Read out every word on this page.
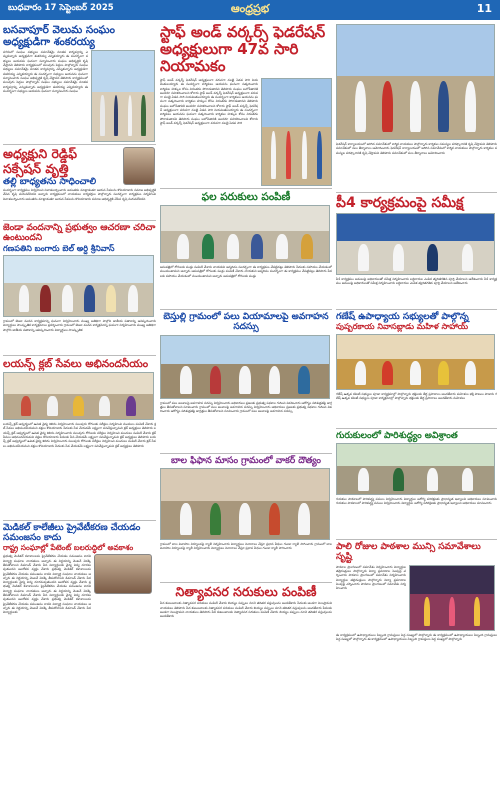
బుధవారం 17 సెప్టెంబర్ 2025	ఆంధ్రప్రభ	11
బసవాపూర్ వెలుమ సంఘం అధ్యక్షుడిగా శంకరయ్య
నగరంలో సంఘం సభ్యులు సమావేశమై నూతన కార్యవర్గాన్ని ఎన్నుకున్నారు అధ్యక్షుడిగా శంకరయ్య ఎన్నికయ్యారు ఈ సందర్భంగా సభ్యులు ఆయనను ఘనంగా సన్మానించారు సంఘం అభివృద్ధికి కృషి చేస్తానని తెలిపారు కార్యక్రమంలో పలువురు పెద్దలు పాల్గొన్నారు సంఘం సభ్యులు సమావేశమై నూతన కార్యవర్గాన్ని ఎన్నుకున్నారు అధ్యక్షుడిగా శంకరయ్య ఎన్నికయ్యారు ఈ సందర్భంగా సభ్యులు ఆయనను ఘనంగా సన్మానించారు సంఘం అభివృద్ధికి కృషి చేస్తానని తెలిపారు కార్యక్రమంలో పలువురు పెద్దలు పాల్గొన్నారు సంఘం సభ్యులు సమావేశమై నూతన కార్యవర్గాన్ని ఎన్నుకున్నారు అధ్యక్షుడిగా శంకరయ్య ఎన్నికయ్యారు ఈ సందర్భంగా సభ్యులు ఆయనను ఘనంగా సన్మానించారు సంఘం
అధ్యక్షుని రెడ్డిఫ్ సక్సేషన్ వృత్తి
తల్లి బాధ్యతను సాధించాలి
సందర్భంగా కార్యక్రమం నిర్వహించి నివాళులర్పించారు అనంతరం మాట్లాడుతూ ఆయన సేవలను కొనియాడారు సమాజ అభివృద్ధికి చేసిన కృషి మరువలేనిదని అన్నారు కార్యక్రమంలో నాయకులు కార్యకర్తలు పాల్గొన్నారు సందర్భంగా కార్యక్రమం నిర్వహించి నివాళులర్పించారు అనంతరం మాట్లాడుతూ ఆయన సేవలను కొనియాడారు సమాజ అభివృద్ధికి చేసిన కృషి మరువలేనిదని
జెండా వందనాన్ని ప్రభుత్వం ఆచరణా చరిచా ఉంటుందని
గణపతిని బంగారు బెల్ అర్ది శ్రీనివాస్
గ్రామంలో జెండా వందన కార్యక్రమాన్ని ఘనంగా నిర్వహించారు ముఖ్య అతిథిగా పాల్గొని జాతీయ పతాకాన్ని ఆవిష్కరించారు విద్యార్థులు సాంస్కృతిక కార్యక్రమాలు ప్రదర్శించారు గ్రామంలో జెండా వందన కార్యక్రమాన్ని ఘనంగా నిర్వహించారు ముఖ్య అతిథిగా పాల్గొని జాతీయ పతాకాన్ని ఆవిష్కరించారు విద్యార్థులు సాంస్కృతిక
లయన్స్ క్లబ్ సేవలు అభినందనీయం
లయన్స్ క్లబ్ ఆధ్వర్యంలో ఉచిత వైద్య శిబిరం నిర్వహించారు పలువురు రోగులకు పరీక్షలు నిర్వహించి మందులు పంపిణీ చేశారు క్లబ్ సేవలు అభినందనీయమని వక్తలు కొనియాడారు పేదలకు సేవ చేయడమే లక్ష్యంగా పనిచేస్తున్నామని క్లబ్ అధ్యక్షులు తెలిపారు లయన్స్ క్లబ్ ఆధ్వర్యంలో ఉచిత వైద్య శిబిరం నిర్వహించారు పలువురు రోగులకు పరీక్షలు నిర్వహించి మందులు పంపిణీ చేశారు క్లబ్ సేవలు అభినందనీయమని వక్తలు కొనియాడారు పేదలకు సేవ చేయడమే లక్ష్యంగా పనిచేస్తున్నామని క్లబ్ అధ్యక్షులు తెలిపారు లయన్స్ క్లబ్ ఆధ్వర్యంలో ఉచిత వైద్య శిబిరం నిర్వహించారు పలువురు రోగులకు పరీక్షలు నిర్వహించి మందులు పంపిణీ చేశారు క్లబ్ సేవలు అభినందనీయమని వక్తలు కొనియాడారు పేదలకు సేవ చేయడమే లక్ష్యంగా పనిచేస్తున్నామని క్లబ్ అధ్యక్షులు తెలిపారు
మెడికల్ కాలేజీలు ప్రైవేటీకరణ చేయడం సమంజసం కాదు
రాష్ట్ర సంఘాల్లో పేటెంట్ బలరుద్ధిలో అవకాశం
ప్రభుత్వ మెడికల్ కళాశాలలను ప్రైవేటీకరణ చేయడం సమంజసం కాదని విద్యార్థి సంఘాల నాయకులు అన్నారు ఈ నిర్ణయాన్ని వెంటనే వెనక్కి తీసుకోవాలని డిమాండ్ చేశారు పేద విద్యార్థులకు వైద్య విద్య దూరమవుతుందని ఆందోళన వ్యక్తం చేశారు ప్రభుత్వ మెడికల్ కళాశాలలను ప్రైవేటీకరణ చేయడం సమంజసం కాదని విద్యార్థి సంఘాల నాయకులు అన్నారు ఈ నిర్ణయాన్ని వెంటనే వెనక్కి తీసుకోవాలని డిమాండ్ చేశారు పేద విద్యార్థులకు వైద్య విద్య దూరమవుతుందని ఆందోళన వ్యక్తం చేశారు ప్రభుత్వ మెడికల్ కళాశాలలను ప్రైవేటీకరణ చేయడం సమంజసం కాదని విద్యార్థి సంఘాల నాయకులు అన్నారు ఈ నిర్ణయాన్ని వెంటనే వెనక్కి తీసుకోవాలని డిమాండ్ చేశారు పేద విద్యార్థులకు వైద్య విద్య దూరమవుతుందని ఆందోళన వ్యక్తం చేశారు ప్రభుత్వ మెడికల్ కళాశాలలను ప్రైవేటీకరణ చేయడం సమంజసం కాదని విద్యార్థి సంఘాల నాయకులు అన్నారు ఈ నిర్ణయాన్ని వెంటనే వెనక్కి తీసుకోవాలని డిమాండ్ చేశారు పేద విద్యార్థులకు
స్టాఫ్ అండ్ వర్కర్స్ ఫెడరేషన్ అధ్యక్షులుగా 47వ సారి నియామకం
స్టాఫ్ అండ్ వర్కర్స్ ఫెడరేషన్ అధ్యక్షులుగా వరుసగా నలభై ఏడవ సారి నియమితులయ్యారు ఈ సందర్భంగా కార్మికులు ఆయనను ఘనంగా సత్కరించారు కార్మికుల హక్కుల కోసం నిరంతరం పోరాడుతానని తెలిపారు సంఘం బలోపేతానికి అందరూ సహకరించాలని కోరారు స్టాఫ్ అండ్ వర్కర్స్ ఫెడరేషన్ అధ్యక్షులుగా వరుసగా నలభై ఏడవ సారి నియమితులయ్యారు ఈ సందర్భంగా కార్మికులు ఆయనను ఘనంగా సత్కరించారు కార్మికుల హక్కుల కోసం నిరంతరం పోరాడుతానని తెలిపారు సంఘం బలోపేతానికి అందరూ సహకరించాలని కోరారు స్టాఫ్ అండ్ వర్కర్స్ ఫెడరేషన్ అధ్యక్షులుగా వరుసగా నలభై ఏడవ సారి నియమితులయ్యారు ఈ సందర్భంగా కార్మికులు ఆయనను ఘనంగా సత్కరించారు కార్మికుల హక్కుల కోసం నిరంతరం పోరాడుతానని తెలిపారు సంఘం బలోపేతానికి అందరూ సహకరించాలని కోరారు స్టాఫ్ అండ్ వర్కర్స్ ఫెడరేషన్ అధ్యక్షులుగా వరుసగా నలభై ఏడవ సారి
ఫల పరుకులు పంపిణీ
ఆసుపత్రిలో రోగులకు పండ్లు పంపిణీ చేశారు నాయకుని జన్మదినం సందర్భంగా ఈ కార్యక్రమం చేపట్టినట్లు తెలిపారు పేదలకు సహాయం చేయడంలో ముందుంటామని అన్నారు ఆసుపత్రిలో రోగులకు పండ్లు పంపిణీ చేశారు నాయకుని జన్మదినం సందర్భంగా ఈ కార్యక్రమం చేపట్టినట్లు తెలిపారు పేదలకు సహాయం చేయడంలో ముందుంటామని అన్నారు ఆసుపత్రిలో రోగులకు పండ్లు
బెస్తుల్లి గ్రామంలో పలు వియామాలపై అవగాహన సదస్సు
గ్రామంలో పలు అంశాలపై అవగాహన సదస్సు నిర్వహించారు అధికారులు ప్రజలకు ప్రభుత్వ పథకాల గురించి వివరించారు ఆరోగ్యం పరిశుభ్రతపై జాగ్రత్తలు తీసుకోవాలని సూచించారు గ్రామంలో పలు అంశాలపై అవగాహన సదస్సు నిర్వహించారు అధికారులు ప్రజలకు ప్రభుత్వ పథకాల గురించి వివరించారు ఆరోగ్యం పరిశుభ్రతపై జాగ్రత్తలు తీసుకోవాలని సూచించారు గ్రామంలో పలు అంశాలపై అవగాహన సదస్సు
బాల ఫిఫాన మాసం గ్రామంలో వాకర్ దౌత్యం
గ్రామంలో బాల వివాహాల నిర్మూలనపై ర్యాలీ నిర్వహించారు విద్యార్థులు నినాదాలు చేస్తూ ప్రధాన వీధుల గుండా ర్యాలీ సాగించారు గ్రామంలో బాల వివాహాల నిర్మూలనపై ర్యాలీ నిర్వహించారు విద్యార్థులు నినాదాలు చేస్తూ ప్రధాన వీధుల గుండా ర్యాలీ సాగించారు
నిత్యావసర సరుకులు పంపిణీ
పేద కుటుంబాలకు నిత్యావసర సరుకులు పంపిణీ చేశారు బియ్యం పప్పులు నూనె తదితర వస్తువులను అందజేశారు పేదలకు అండగా నిలుస్తామని నాయకులు తెలిపారు పేద కుటుంబాలకు నిత్యావసర సరుకులు పంపిణీ చేశారు బియ్యం పప్పులు నూనె తదితర వస్తువులను అందజేశారు పేదలకు అండగా నిలుస్తామని నాయకులు తెలిపారు పేద కుటుంబాలకు నిత్యావసర సరుకులు పంపిణీ చేశారు బియ్యం పప్పులు నూనె తదితర వస్తువులను అందజేశారు
ఫెడరేషన్ కార్యాలయంలో జరిగిన సమావేశంలో కార్మిక నాయకులు పాల్గొన్నారు కార్మికుల సమస్యల పరిష్కారానికి కృషి చేస్తామని తెలిపారు సమావేశంలో పలు తీర్మానాలు ఆమోదించారు ఫెడరేషన్ కార్యాలయంలో జరిగిన సమావేశంలో కార్మిక నాయకులు పాల్గొన్నారు కార్మికుల సమస్యల పరిష్కారానికి కృషి చేస్తామని తెలిపారు సమావేశంలో పలు తీర్మానాలు ఆమోదించారు
పీ4 కార్యక్రమంపై సమీక్ష
పీ4 కార్యక్రమం అమలుపై అధికారులతో సమీక్ష నిర్వహించారు లబ్ధిదారుల ఎంపిక త్వరితగతిన పూర్తి చేయాలని ఆదేశించారు పీ4 కార్యక్రమం అమలుపై అధికారులతో సమీక్ష నిర్వహించారు లబ్ధిదారుల ఎంపిక త్వరితగతిన పూర్తి చేయాలని ఆదేశించారు
గణేష్ ఉపాధ్యాయ సభ్యులతో పాల్గొన్న
పుష్పరకాయ నివాసబ్లాడు మహిళ సాహాయ్
గణేష్ ఉత్సవ కమిటీ సభ్యులు పూజా కార్యక్రమాల్లో పాల్గొన్నారు భక్తులకు తీర్థ ప్రసాదాలు అందజేశారు మహిళలు భక్తి పాటలు పాడారు గణేష్ ఉత్సవ కమిటీ సభ్యులు పూజా కార్యక్రమాల్లో పాల్గొన్నారు భక్తులకు తీర్థ ప్రసాదాలు అందజేశారు మహిళలు
గురుకులంలో పారిశుద్ధ్యం అవిశ్రాంత
గురుకుల పాఠశాలలో పారిశుద్ధ్య పనులు నిర్వహించారు విద్యార్థుల ఆరోగ్య పరిరక్షణకు ప్రాధాన్యత ఇవ్వాలని అధికారులు సూచించారు గురుకుల పాఠశాలలో పారిశుద్ధ్య పనులు నిర్వహించారు విద్యార్థుల ఆరోగ్య పరిరక్షణకు ప్రాధాన్యత ఇవ్వాలని అధికారులు సూచించారు
పాలి రోజుల పాఠశాల మున్సి సమావేశాలు సృష్టి
పాఠశాల ప్రాంగణంలో సమావేశం నిర్వహించారు విద్యార్థుల తల్లిదండ్రులు పాల్గొన్నారు విద్యా ప్రమాణాల పెంపుపై చర్చించారు పాఠశాల ప్రాంగణంలో సమావేశం నిర్వహించారు విద్యార్థుల తల్లిదండ్రులు పాల్గొన్నారు విద్యా ప్రమాణాల పెంపుపై చర్చించారు పాఠశాల ప్రాంగణంలో సమావేశం నిర్వహించారు
ఈ కార్యక్రమంలో ఉపాధ్యాయులు సిబ్బంది గ్రామస్తులు పెద్ద సంఖ్యలో పాల్గొన్నారు ఈ కార్యక్రమంలో ఉపాధ్యాయులు సిబ్బంది గ్రామస్తులు పెద్ద సంఖ్యలో పాల్గొన్నారు ఈ కార్యక్రమంలో ఉపాధ్యాయులు సిబ్బంది గ్రామస్తులు పెద్ద సంఖ్యలో పాల్గొన్నారు
